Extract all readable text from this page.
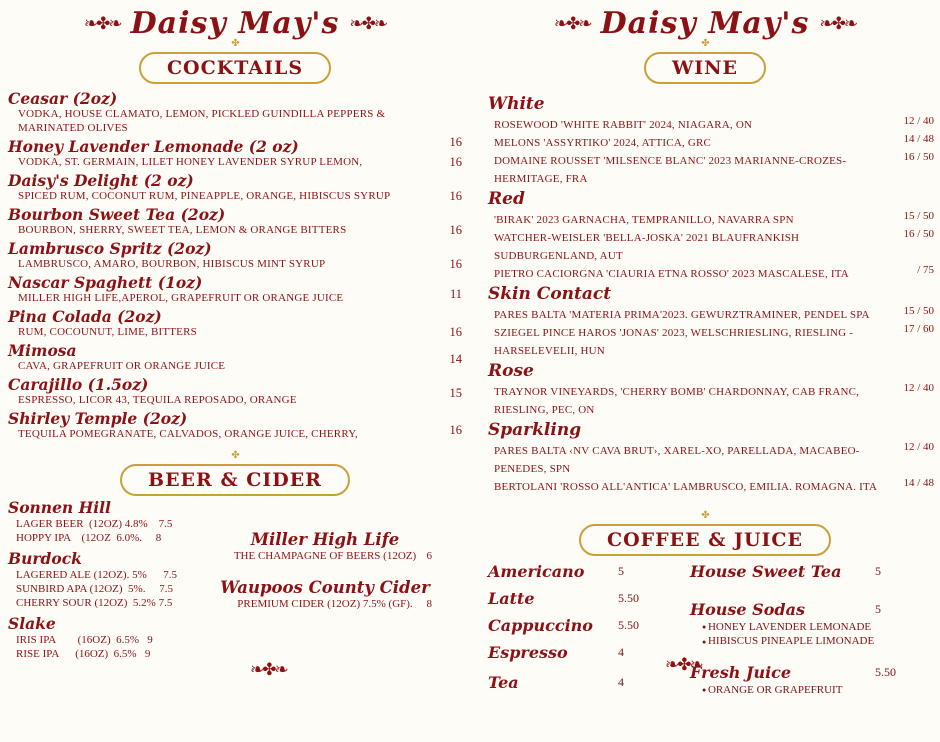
❧✤❧ Daisy May's ❧✤❧
✤
COCKTAILS
Ceasar (2oz)
VODKA, HOUSE CLAMATO, LEMON, PICKLED GUINDILLA PEPPERS & MARINATED OLIVES
16
Honey Lavender Lemonade (2 oz)
VODKA, ST. GERMAIN, LILET HONEY LAVENDER SYRUP LEMON,	16
Daisy's Delight (2 oz)
SPICED RUM, COCONUT RUM, PINEAPPLE, ORANGE, HIBISCUS SYRUP	16
Bourbon Sweet Tea (2oz)
BOURBON, SHERRY, SWEET TEA, LEMON & ORANGE BITTERS	16
Lambrusco Spritz (2oz)
LAMBRUSCO, AMARO, BOURBON, HIBISCUS MINT SYRUP	16
Nascar Spaghett (1oz)
MILLER HIGH LIFE,APEROL, GRAPEFRUIT OR ORANGE JUICE	11
Pina Colada (2oz)
RUM, COCOUNUT, LIME, BITTERS	16
Mimosa
CAVA, GRAPEFRUIT OR ORANGE JUICE	14
Carajillo (1.5oz)
ESPRESSO, LICOR 43, TEQUILA REPOSADO, ORANGE	15
Shirley Temple (2oz)
TEQUILA POMEGRANATE, CALVADOS, ORANGE JUICE, CHERRY,	16
✤
BEER & CIDER
Sonnen Hill
LAGER BEER  (12OZ) 4.8%    7.5
HOPPY IPA    (12OZ  6.0%.     8
Burdock
LAGERED ALE (12OZ). 5%      7.5
SUNBIRD APA (12OZ)  5%.     7.5
CHERRY SOUR (12OZ)  5.2% 7.5
Slake
IRIS IPA        (16OZ)  6.5%   9
RISE IPA      (16OZ)  6.5%   9
Miller High Life
THE CHAMPAGNE OF BEERS (12OZ) 6
Waupoos County Cider
PREMIUM CIDER (12OZ) 7.5% (GF). 8
❧✤❧
❧✤❧ Daisy May's ❧✤❧
✤
WINE
White
ROSEWOOD 'WHITE RABBIT' 2024, NIAGARA, ON	12 / 40
MELONS 'ASSYRTIKO' 2024, ATTICA, GRC	14 / 48
DOMAINE ROUSSET 'MILSENCE BLANC' 2023 MARIANNE-CROZES-HERMITAGE, FRA
16 / 50
Red
'BIRAK' 2023 GARNACHA, TEMPRANILLO, NAVARRA SPN	15 / 50
WATCHER-WEISLER 'BELLA-JOSKA' 2021 BLAUFRANKISH SUDBURGENLAND, AUT
16 / 50
PIETRO CACIORGNA 'CIAURIA ETNA ROSSO' 2023 MASCALESE, ITA	/ 75
Skin Contact
PARES BALTA 'MATERIA PRIMA'2023. GEWURZTRAMINER, PENDEL SPA	15 / 50
SZIEGEL PINCE HAROS 'JONAS' 2023, WELSCHRIESLING, RIESLING -HARSELEVELII, HUN
17 / 60
Rose
TRAYNOR VINEYARDS, 'CHERRY BOMB' CHARDONNAY, CAB FRANC, RIESLING, PEC, ON
12 / 40
Sparkling
PARES BALTA ‹NV CAVA BRUT›, XAREL-XO, PARELLADA, MACABEO-PENEDES, SPN
12 / 40
BERTOLANI 'ROSSO ALL'ANTICA' LAMBRUSCO, EMILIA. ROMAGNA. ITA 14 / 48
✤
COFFEE & JUICE
Americano	5
Latte	5.50
Cappuccino 5.50
Espresso	4
Tea	4
House Sweet Tea	5
House Sodas	5
● HONEY LAVENDER LEMONADE
● HIBISCUS PINEAPLE LIMONADE
Fresh Juice	5.50
● ORANGE OR GRAPEFRUIT
❧✤❧
